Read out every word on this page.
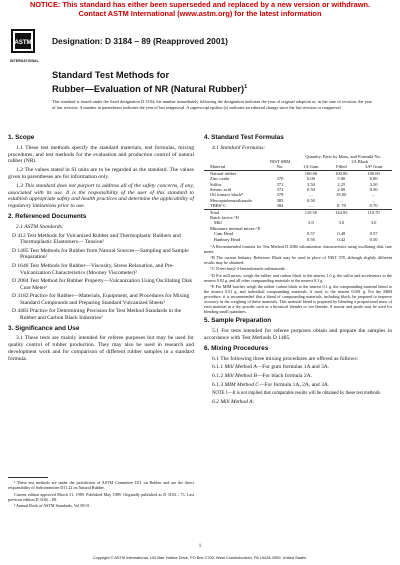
NOTICE: This standard has either been superseded and replaced by a new version or withdrawn.
Contact ASTM International (www.astm.org) for the latest information
ASTM
INTERNATIONAL
Designation: D 3184 – 89 (Reapproved 2001)
Standard Test Methods for
Rubber—Evaluation of NR (Natural Rubber)$^1$
This standard is issued under the fixed designation D 3184; the number immediately following the designation indicates the year of original adoption or, in the case of revision, the year of last revision. A number in parentheses indicates the year of last reapproval. A superscript epsilon (ε) indicates an editorial change since the last revision or reapproval.
1. Scope

1.1 These test methods specify the standard materials, test formulas, mixing procedures, and test methods for the evaluation and production control of natural rubber (NR).

1.2 The values stated in SI units are to be regarded as the standard. The values given in parentheses are for information only.

1.3 This standard does not purport to address all of the safety concerns, if any, associated with its use. It is the responsibility of the user of this standard to establish appropriate safety and health practices and determine the applicability of regulatory limitations prior to use.

2. Referenced Documents
2.1 ASTM Standards:
D 412 Test Methods for Vulcanized Rubber and Thermoplastic Rubbers and Thermoplastic Elastomers— Tension²
D 1485 Test Methods for Rubber from Natural Sources—Sampling and Sample Preparation²
D 1646 Test Methods for Rubber—Viscosity, Stress Relaxation, and Pre-Vulcanization Characteristics (Mooney Viscometer)²
D 2084 Test Method for Rubber Property—Vulcanization Using Oscillating Disk Cure Meter²
D 3182 Practice for Rubber—Materials, Equipment, and Procedures for Mixing Standard Compounds and Preparing Standard Vulcanized Sheets²
D 4483 Practice for Determining Precision for Test Method Standards in the Rubber and Carbon Black Industries²
3. Significance and Use

3.1 These tests are mainly intended for referee purposes but may be used for quality control of rubber production. They may also be used in research and development work and for comparison of different rubber samples in a standard formula.

¹ These test methods are under the jurisdiction of ASTM Committee D11 on Rubber and are the direct responsibility of Subcommittee D11.22 on Natural Rubber.

Current edition approved March 31, 1989. Published May 1989. Originally published as D 3184 – 73. Last previous edition D 3184 – 88.

² Annual Book of ASTM Standards, Vol 09.01.

4. Standard Test Formulas
4.1 Standard Formulas:
		Quantity, Parts by Mass, and Formula No.		
	NIST SRM		2A Black	
Material	No.	1A Gum	Filled	3A⁸ Gum
Natural rubber		100.00	100.00	100.00
Zinc oxide	370	6.00	5.00	6.00
Sulfur	371	3.50	2.25	3.50
Stearic acid	372	0.50	2.00	0.50
Oil furnace black⁸	378	...	35.00	...
Mercaptobenzothiazole	383	0.50	...	...
TBBS^C	384	...	0. 70	0.70
Total		110.50	144.95	110.70
Batch factor:^D				
Mill		3.0	3.0	3.0
Miniature internal mixer:^E				
Cam Head		0.57	0.48	0.57
Banbury Head		0.50	0.42	0.50

^A Recommended formula for Test Method D 2084 vulcanization characteristics using oscillating disk cure meter.

^B The current Industry Reference Black may be used in place of NIST 378, although slightly different results may be obtained.

^C N-tert-butyl-2-benzothiazole sulfenamide.

^D For mill mixes, weigh the rubber and carbon black to the nearest 1.0 g, the sulfur and accelerators to the nearest 0.02 g, and all other compounding materials to the nearest 0.1 g.

^E For MIM batches weigh the rubber carbon black to the nearest 0.1 g, the compounding material blend to the nearest 0.01 g, and individual compounding materials, if used, to the nearest 0.001 g. For the MIM procedure, it is recommended that a blend of compounding materials, including black, be prepared to improve accuracy in the weighing of these materials. This material blend is prepared by blending a proportional mass of each material in a dry powder such as a biconical blender or vee blender. A mortar and pestle may be used for blending small quantities.

5. Sample Preparation

5.1 For tests intended for referee purposes obtain and prepare the samples in accordance with Test Methods D 1485.

6. Mixing Procedures

6.1 The following three mixing procedures are offered as follows:

6.1.1 Mill Method A—For gum formulas 1A and 3A.
6.1.2 Mill Method B—For black formula 2A.
6.1.3 MIM Method C—For formula 1A, 2A, and 3A.
NOTE 1—It is not implied that comparable results will be obtained by these test methods.
6.2 Mill Method A:
1
Copyright © ASTM International, 100 Barr Harbor Drive, PO Box C700, West Conshohocken, PA 19428-2959, United States.
